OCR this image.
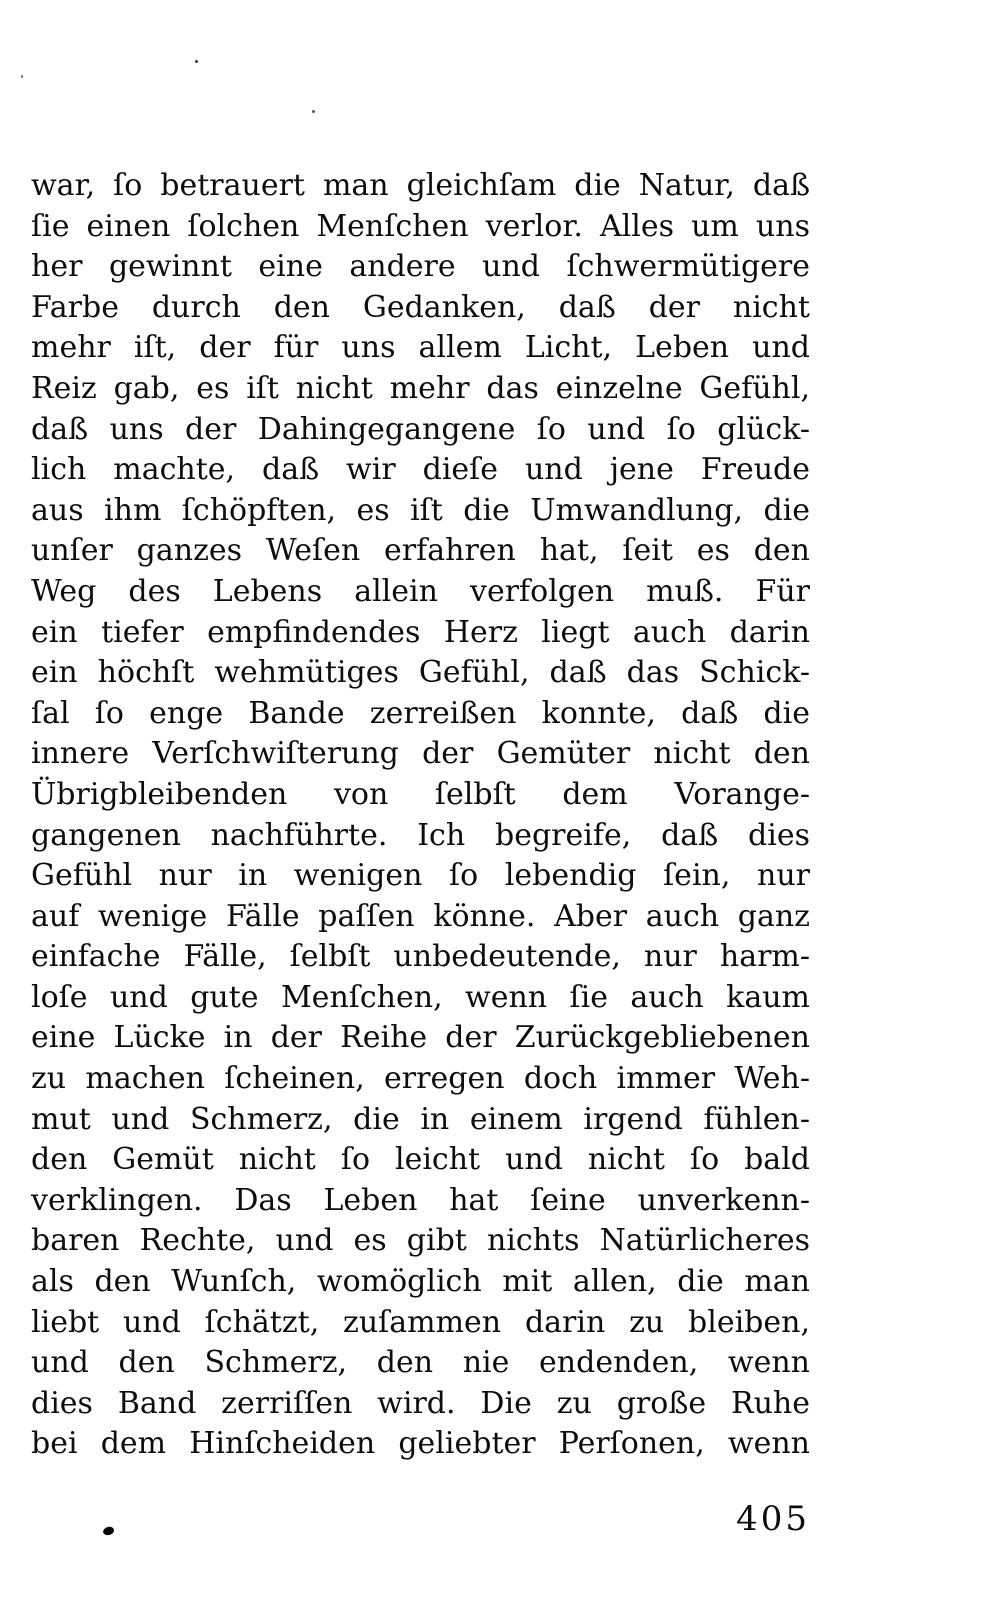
war, ſo betrauert man gleichſam die Natur, daß
ſie einen ſolchen Menſchen verlor. Alles um uns
her gewinnt eine andere und ſchwermütigere
Farbe durch den Gedanken, daß der nicht
mehr iſt, der für uns allem Licht, Leben und
Reiz gab, es iſt nicht mehr das einzelne Gefühl,
daß uns der Dahingegangene ſo und ſo glück-
lich machte, daß wir dieſe und jene Freude
aus ihm ſchöpften, es iſt die Umwandlung, die
unſer ganzes Weſen erfahren hat, ſeit es den
Weg des Lebens allein verfolgen muß. Für
ein tiefer empfindendes Herz liegt auch darin
ein höchſt wehmütiges Gefühl, daß das Schick-
ſal ſo enge Bande zerreißen konnte, daß die
innere Verſchwiſterung der Gemüter nicht den
Übrigbleibenden von ſelbſt dem Vorange-
gangenen nachführte. Ich begreife, daß dies
Gefühl nur in wenigen ſo lebendig ſein, nur
auf wenige Fälle paſſen könne. Aber auch ganz
einfache Fälle, ſelbſt unbedeutende, nur harm-
loſe und gute Menſchen, wenn ſie auch kaum
eine Lücke in der Reihe der Zurückgebliebenen
zu machen ſcheinen, erregen doch immer Weh-
mut und Schmerz, die in einem irgend fühlen-
den Gemüt nicht ſo leicht und nicht ſo bald
verklingen. Das Leben hat ſeine unverkenn-
baren Rechte, und es gibt nichts Natürlicheres
als den Wunſch, womöglich mit allen, die man
liebt und ſchätzt, zuſammen darin zu bleiben,
und den Schmerz, den nie endenden, wenn
dies Band zerriſſen wird. Die zu große Ruhe
bei dem Hinſcheiden geliebter Perſonen, wenn
405
